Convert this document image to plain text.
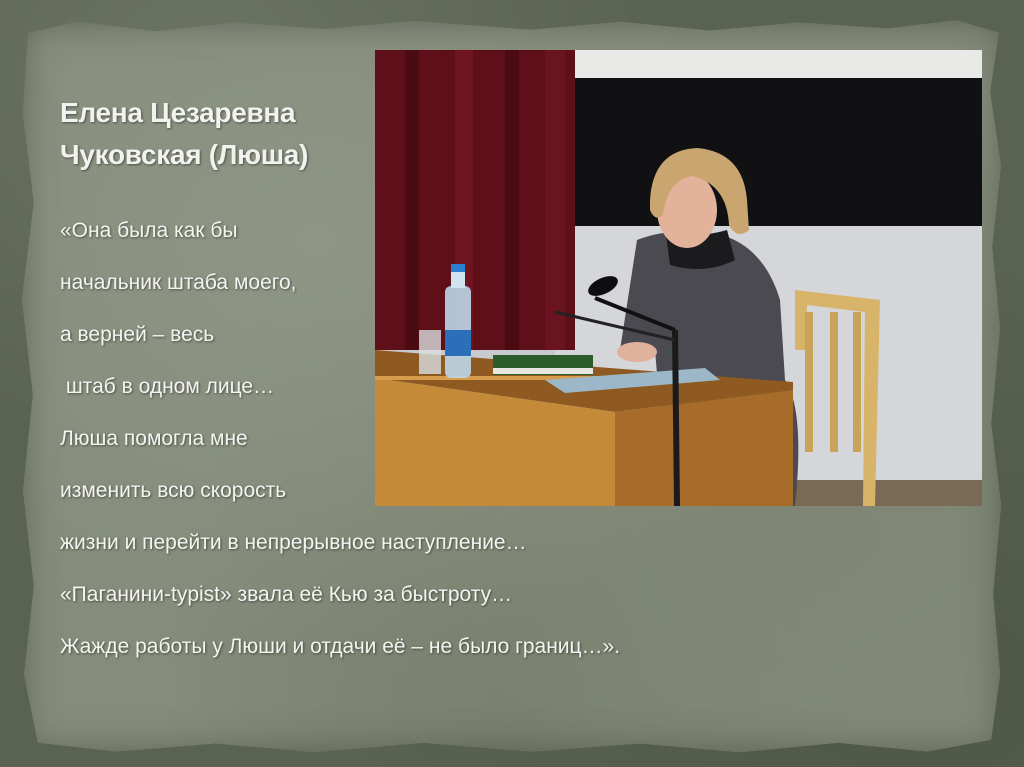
Елена Цезаревна
Чуковская (Люша)
«Она была как бы
начальник штаба моего,
а верней – весь
штаб в одном лице…
Люша помогла мне
изменить всю скорость
жизни и перейти в непрерывное наступление…
«Паганини-typist» звала её Кью за быстроту…
Жажде работы у Люши и отдачи её – не было границ…».
